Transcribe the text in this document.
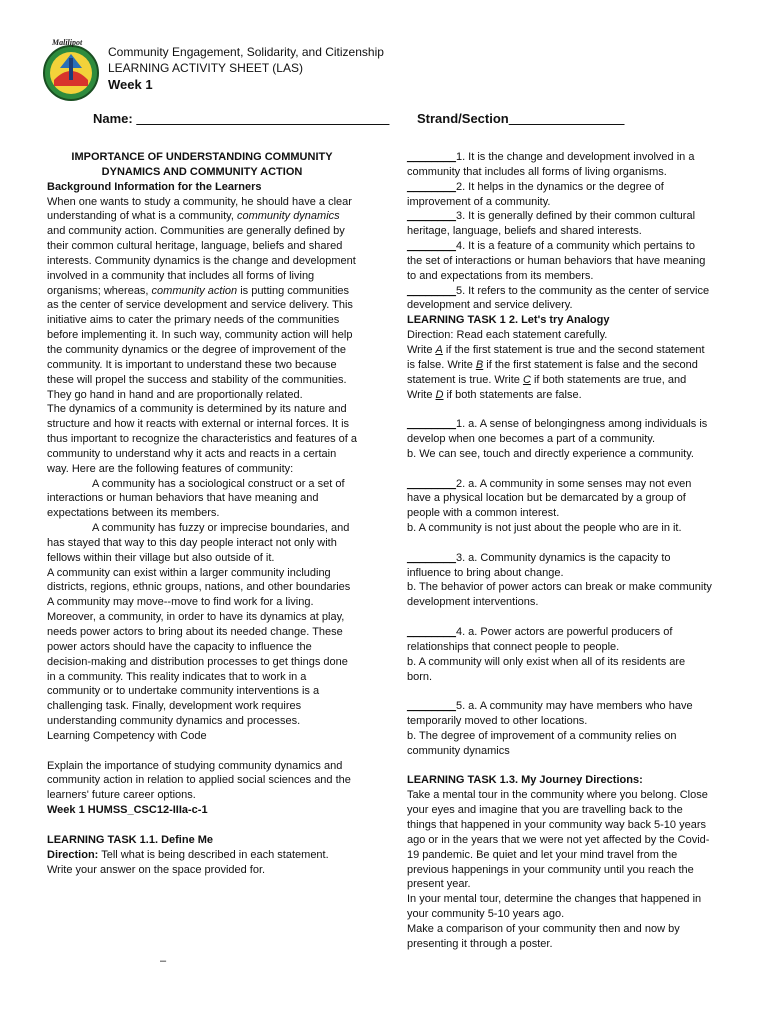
Malilipot
Community Engagement, Solidarity, and Citizenship
LEARNING ACTIVITY SHEET (LAS)
Week 1
Name: ___________________________________ Strand/Section________________

IMPORTANCE OF UNDERSTANDING COMMUNITY DYNAMICS AND COMMUNITY ACTION

Background Information for the Learners

When one wants to study a community, he should have a clear understanding of what is a community, community dynamics and community action. Communities are generally defined by their common cultural heritage, language, beliefs and shared interests. Community dynamics is the change and development involved in a community that includes all forms of living organisms; whereas, community action is putting communities as the center of service development and service delivery. This initiative aims to cater the primary needs of the communities before implementing it. In such way, community action will help the community dynamics or the degree of improvement of the community. It is important to understand these two because these will propel the success and stability of the communities. They go hand in hand and are proportionally related.

The dynamics of a community is determined by its nature and structure and how it reacts with external or internal forces. It is thus important to recognize the characteristics and features of a community to understand why it acts and reacts in a certain way. Here are the following features of community:

A community has a sociological construct or a set of interactions or human behaviors that have meaning and expectations between its members.

A community has fuzzy or imprecise boundaries, and has stayed that way to this day people interact not only with fellows within their village but also outside of it.

A community can exist within a larger community including districts, regions, ethnic groups, nations, and other boundaries

A community may move--move to find work for a living. Moreover, a community, in order to have its dynamics at play, needs power actors to bring about its needed change. These power actors should have the capacity to influence the decision-making and distribution processes to get things done in a community. This reality indicates that to work in a community or to undertake community interventions is a challenging task. Finally, development work requires understanding community dynamics and processes.

Learning Competency with Code

Explain the importance of studying community dynamics and community action in relation to applied social sciences and the learners' future career options.

Week 1 HUMSS_CSC12-IIIa-c-1

LEARNING TASK 1.1. Define Me

Direction: Tell what is being described in each statement. Write your answer on the space provided for.

–

________1. It is the change and development involved in a community that includes all forms of living organisms.

________2. It helps in the dynamics or the degree of improvement of a community.

________3. It is generally defined by their common cultural heritage, language, beliefs and shared interests.

________4. It is a feature of a community which pertains to the set of interactions or human behaviors that have meaning to and expectations from its members.

________5. It refers to the community as the center of service development and service delivery.

LEARNING TASK 1 2. Let's try Analogy

Direction: Read each statement carefully.

Write A if the first statement is true and the second statement is false. Write B if the first statement is false and the second statement is true. Write C if both statements are true, and

Write D if both statements are false.

________1. a. A sense of belongingness among individuals is develop when one becomes a part of a community.

b. We can see, touch and directly experience a community.

________2. a. A community in some senses may not even have a physical location but be demarcated by a group of people with a common interest.

b. A community is not just about the people who are in it.

________3. a. Community dynamics is the capacity to influence to bring about change.

b. The behavior of power actors can break or make community development interventions.

________4. a. Power actors are powerful producers of relationships that connect people to people.

b. A community will only exist when all of its residents are born.

________5. a. A community may have members who have temporarily moved to other locations.

b. The degree of improvement of a community relies on community dynamics

LEARNING TASK 1.3. My Journey Directions:

Take a mental tour in the community where you belong. Close your eyes and imagine that you are travelling back to the things that happened in your community way back 5-10 years ago or in the years that we were not yet affected by the Covid-19 pandemic. Be quiet and let your mind travel from the previous happenings in your community until you reach the present year.

In your mental tour, determine the changes that happened in your community 5-10 years ago.

Make a comparison of your community then and now by presenting it through a poster.
